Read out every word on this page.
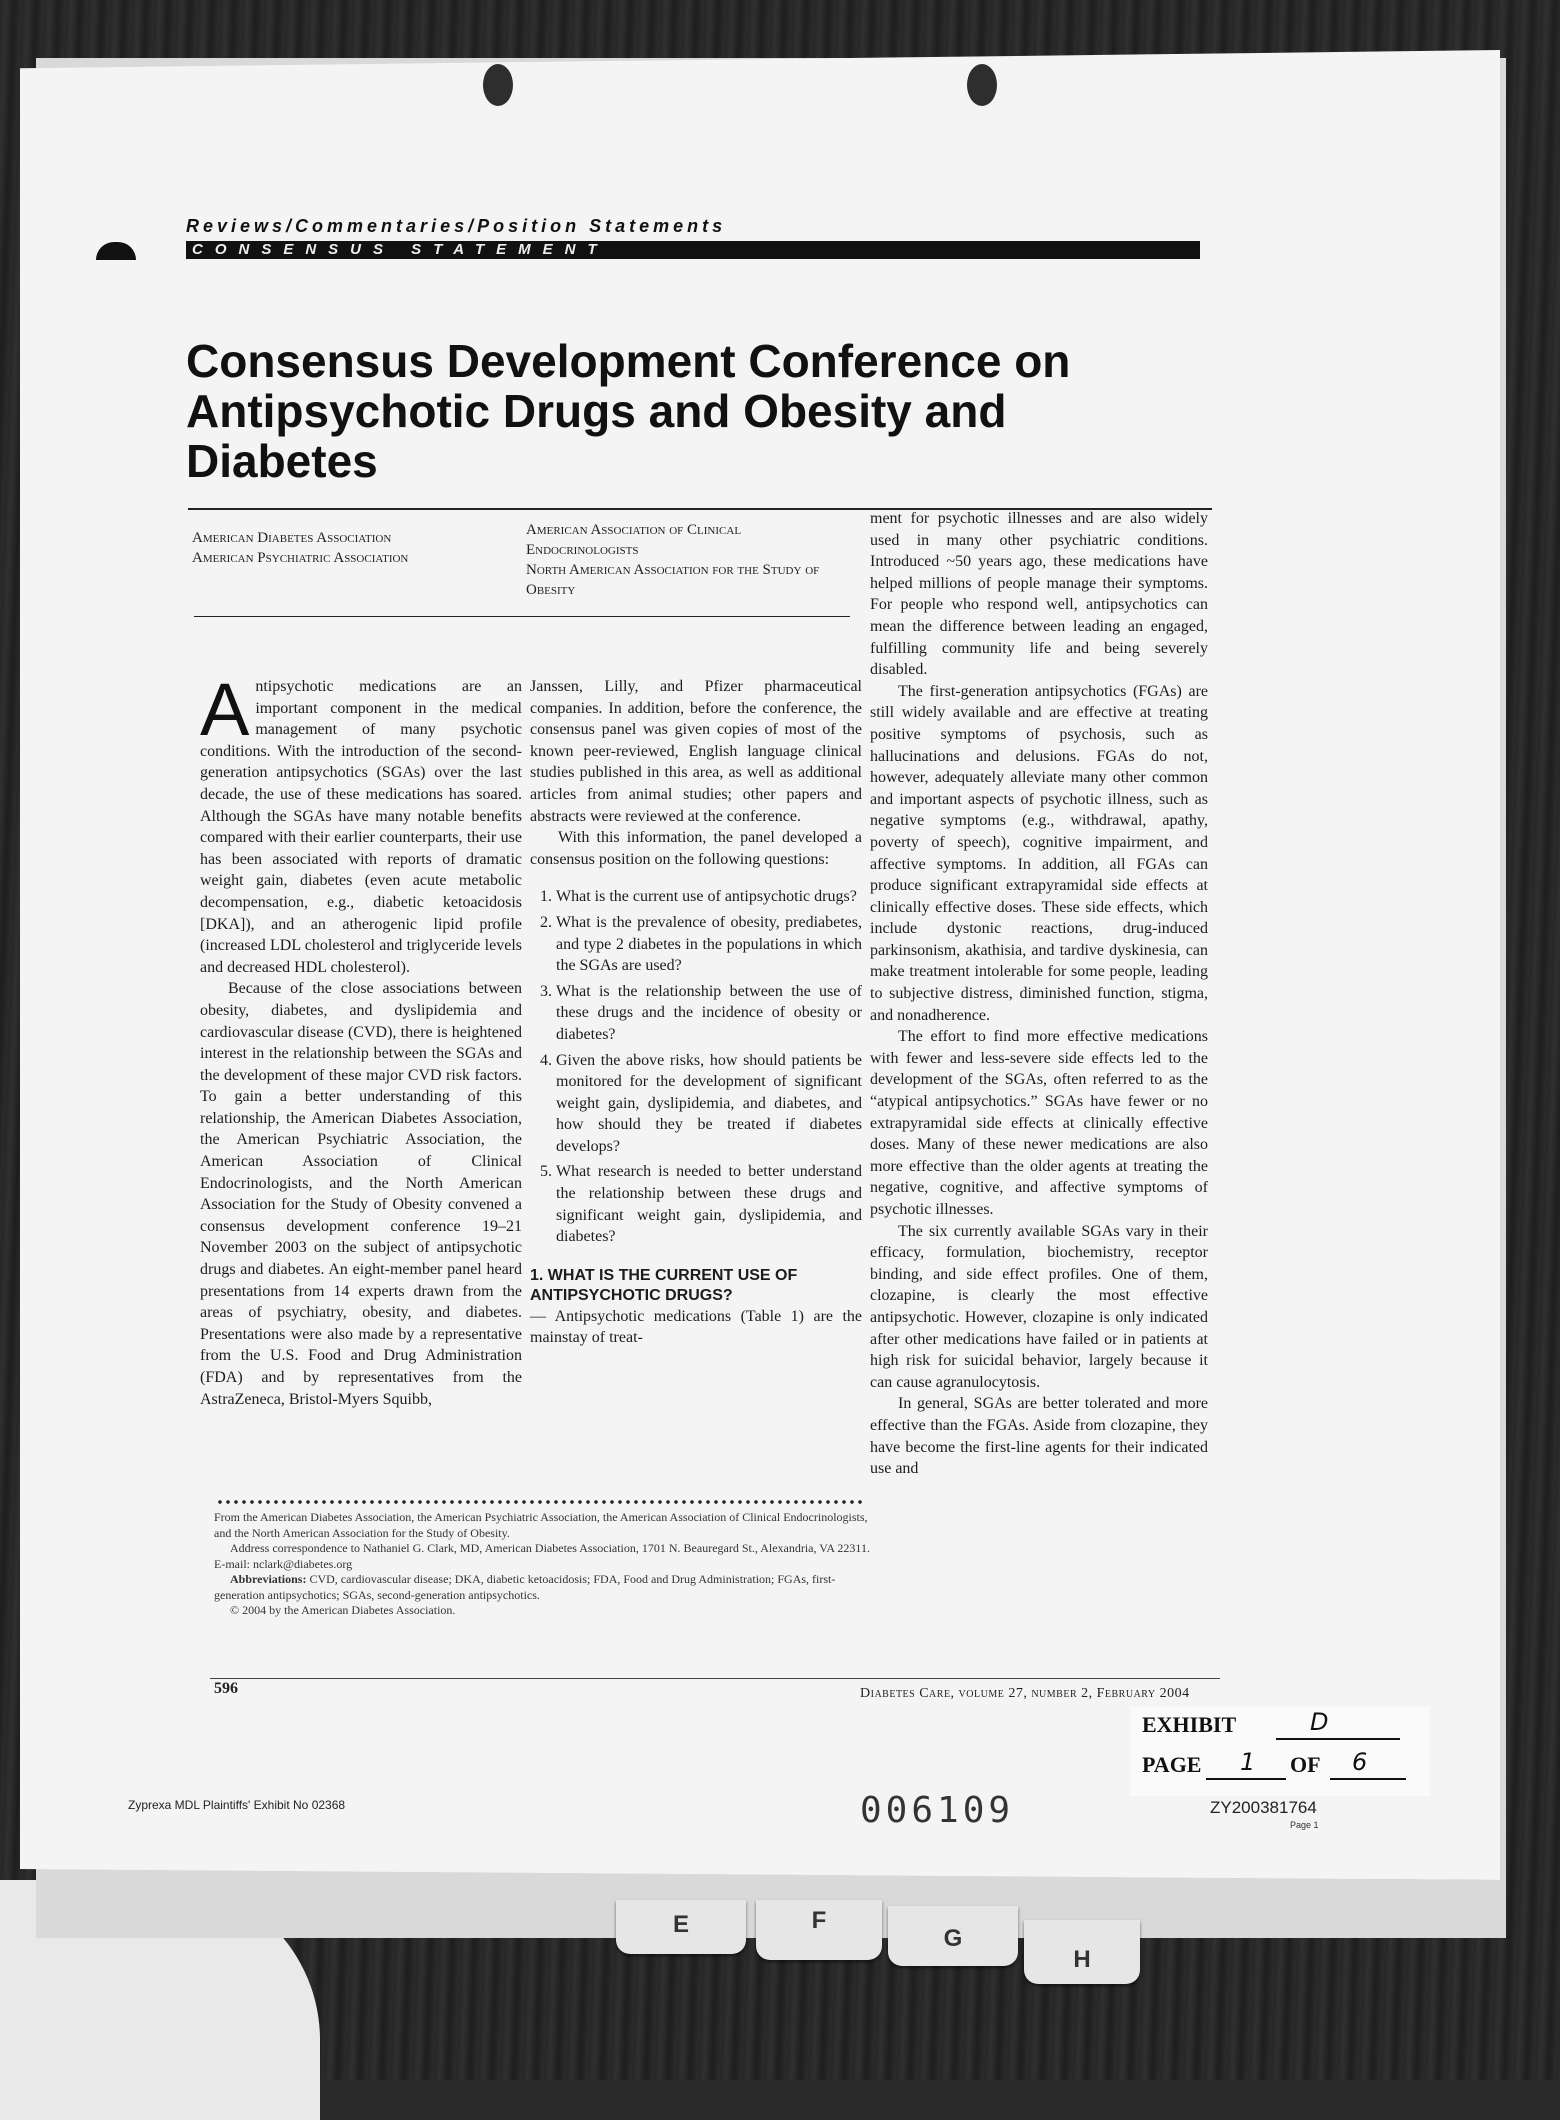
Reviews/Commentaries/Position Statements
CONSENSUS STATEMENT
Consensus Development Conference on Antipsychotic Drugs and Obesity and Diabetes
American Diabetes Association
American Psychiatric Association
American Association of Clinical Endocrinologists
North American Association for the Study of Obesity

Antipsychotic medications are an important component in the medical management of many psychotic conditions. With the introduction of the second-generation antipsychotics (SGAs) over the last decade, the use of these medications has soared. Although the SGAs have many notable benefits compared with their earlier counterparts, their use has been associated with reports of dramatic weight gain, diabetes (even acute metabolic decompensation, e.g., diabetic ketoacidosis [DKA]), and an atherogenic lipid profile (increased LDL cholesterol and triglyceride levels and decreased HDL cholesterol).

Because of the close associations between obesity, diabetes, and dyslipidemia and cardiovascular disease (CVD), there is heightened interest in the relationship between the SGAs and the development of these major CVD risk factors. To gain a better understanding of this relationship, the American Diabetes Association, the American Psychiatric Association, the American Association of Clinical Endocrinologists, and the North American Association for the Study of Obesity convened a consensus development conference 19–21 November 2003 on the subject of antipsychotic drugs and diabetes. An eight-member panel heard presentations from 14 experts drawn from the areas of psychiatry, obesity, and diabetes. Presentations were also made by a representative from the U.S. Food and Drug Administration (FDA) and by representatives from the AstraZeneca, Bristol-Myers Squibb,

Janssen, Lilly, and Pfizer pharmaceutical companies. In addition, before the conference, the consensus panel was given copies of most of the known peer-reviewed, English language clinical studies published in this area, as well as additional articles from animal studies; other papers and abstracts were reviewed at the conference.

With this information, the panel developed a consensus position on the following questions:

1. What is the current use of antipsychotic drugs?
2. What is the prevalence of obesity, prediabetes, and type 2 diabetes in the populations in which the SGAs are used?
3. What is the relationship between the use of these drugs and the incidence of obesity or diabetes?
4. Given the above risks, how should patients be monitored for the development of significant weight gain, dyslipidemia, and diabetes, and how should they be treated if diabetes develops?
5. What research is needed to better understand the relationship between these drugs and significant weight gain, dyslipidemia, and diabetes?
1. WHAT IS THE CURRENT USE OF ANTIPSYCHOTIC DRUGS?

— Antipsychotic medications (Table 1) are the mainstay of treat-

ment for psychotic illnesses and are also widely used in many other psychiatric conditions. Introduced ~50 years ago, these medications have helped millions of people manage their symptoms. For people who respond well, antipsychotics can mean the difference between leading an engaged, fulfilling community life and being severely disabled.

The first-generation antipsychotics (FGAs) are still widely available and are effective at treating positive symptoms of psychosis, such as hallucinations and delusions. FGAs do not, however, adequately alleviate many other common and important aspects of psychotic illness, such as negative symptoms (e.g., withdrawal, apathy, poverty of speech), cognitive impairment, and affective symptoms. In addition, all FGAs can produce significant extrapyramidal side effects at clinically effective doses. These side effects, which include dystonic reactions, drug-induced parkinsonism, akathisia, and tardive dyskinesia, can make treatment intolerable for some people, leading to subjective distress, diminished function, stigma, and nonadherence.

The effort to find more effective medications with fewer and less-severe side effects led to the development of the SGAs, often referred to as the “atypical antipsychotics.” SGAs have fewer or no extrapyramidal side effects at clinically effective doses. Many of these newer medications are also more effective than the older agents at treating the negative, cognitive, and affective symptoms of psychotic illnesses.

The six currently available SGAs vary in their efficacy, formulation, biochemistry, receptor binding, and side effect profiles. One of them, clozapine, is clearly the most effective antipsychotic. However, clozapine is only indicated after other medications have failed or in patients at high risk for suicidal behavior, largely because it can cause agranulocytosis.

In general, SGAs are better tolerated and more effective than the FGAs. Aside from clozapine, they have become the first-line agents for their indicated use and

From the American Diabetes Association, the American Psychiatric Association, the American Association of Clinical Endocrinologists, and the North American Association for the Study of Obesity.
Address correspondence to Nathaniel G. Clark, MD, American Diabetes Association, 1701 N. Beauregard St., Alexandria, VA 22311. E-mail: nclark@diabetes.org
Abbreviations: CVD, cardiovascular disease; DKA, diabetic ketoacidosis; FDA, Food and Drug Administration; FGAs, first-generation antipsychotics; SGAs, second-generation antipsychotics.
© 2004 by the American Diabetes Association.
596	Diabetes Care, volume 27, number 2, February 2004
EXHIBIT	D
PAGE 1 OF 6
Zyprexa MDL Plaintiffs' Exhibit No 02368	006109	ZY200381764
Page 1
E	F
G
H
